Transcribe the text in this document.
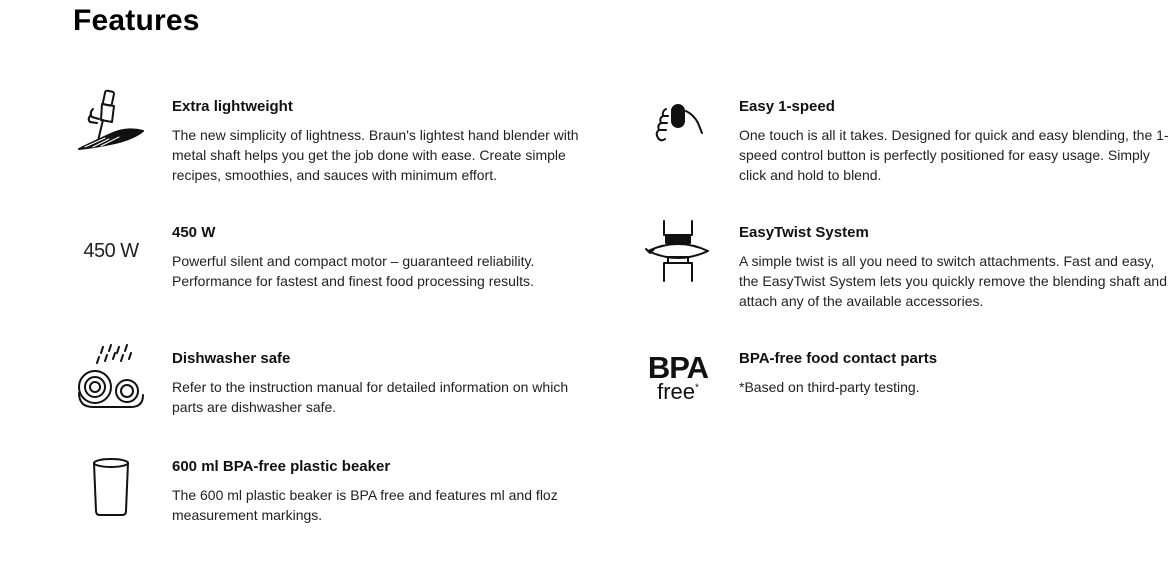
Features
Extra lightweight

The new simplicity of lightness. Braun's lightest hand blender with metal shaft helps you get the job done with ease. Create simple recipes, smoothies, and sauces with minimum effort.

Easy 1-speed

One touch is all it takes. Designed for quick and easy blending, the 1-speed control button is perfectly positioned for easy usage. Simply click and hold to blend.

450 W
450 W

Powerful silent and compact motor – guaranteed reliability. Performance for fastest and finest food processing results.

EasyTwist System

A simple twist is all you need to switch attachments. Fast and easy, the EasyTwist System lets you quickly remove the blending shaft and attach any of the available accessories.

Dishwasher safe

Refer to the instruction manual for detailed information on which parts are dishwasher safe.

BPA
free*
BPA-free food contact parts

*Based on third-party testing.

600 ml BPA-free plastic beaker

The 600 ml plastic beaker is BPA free and features ml and floz measurement markings.
